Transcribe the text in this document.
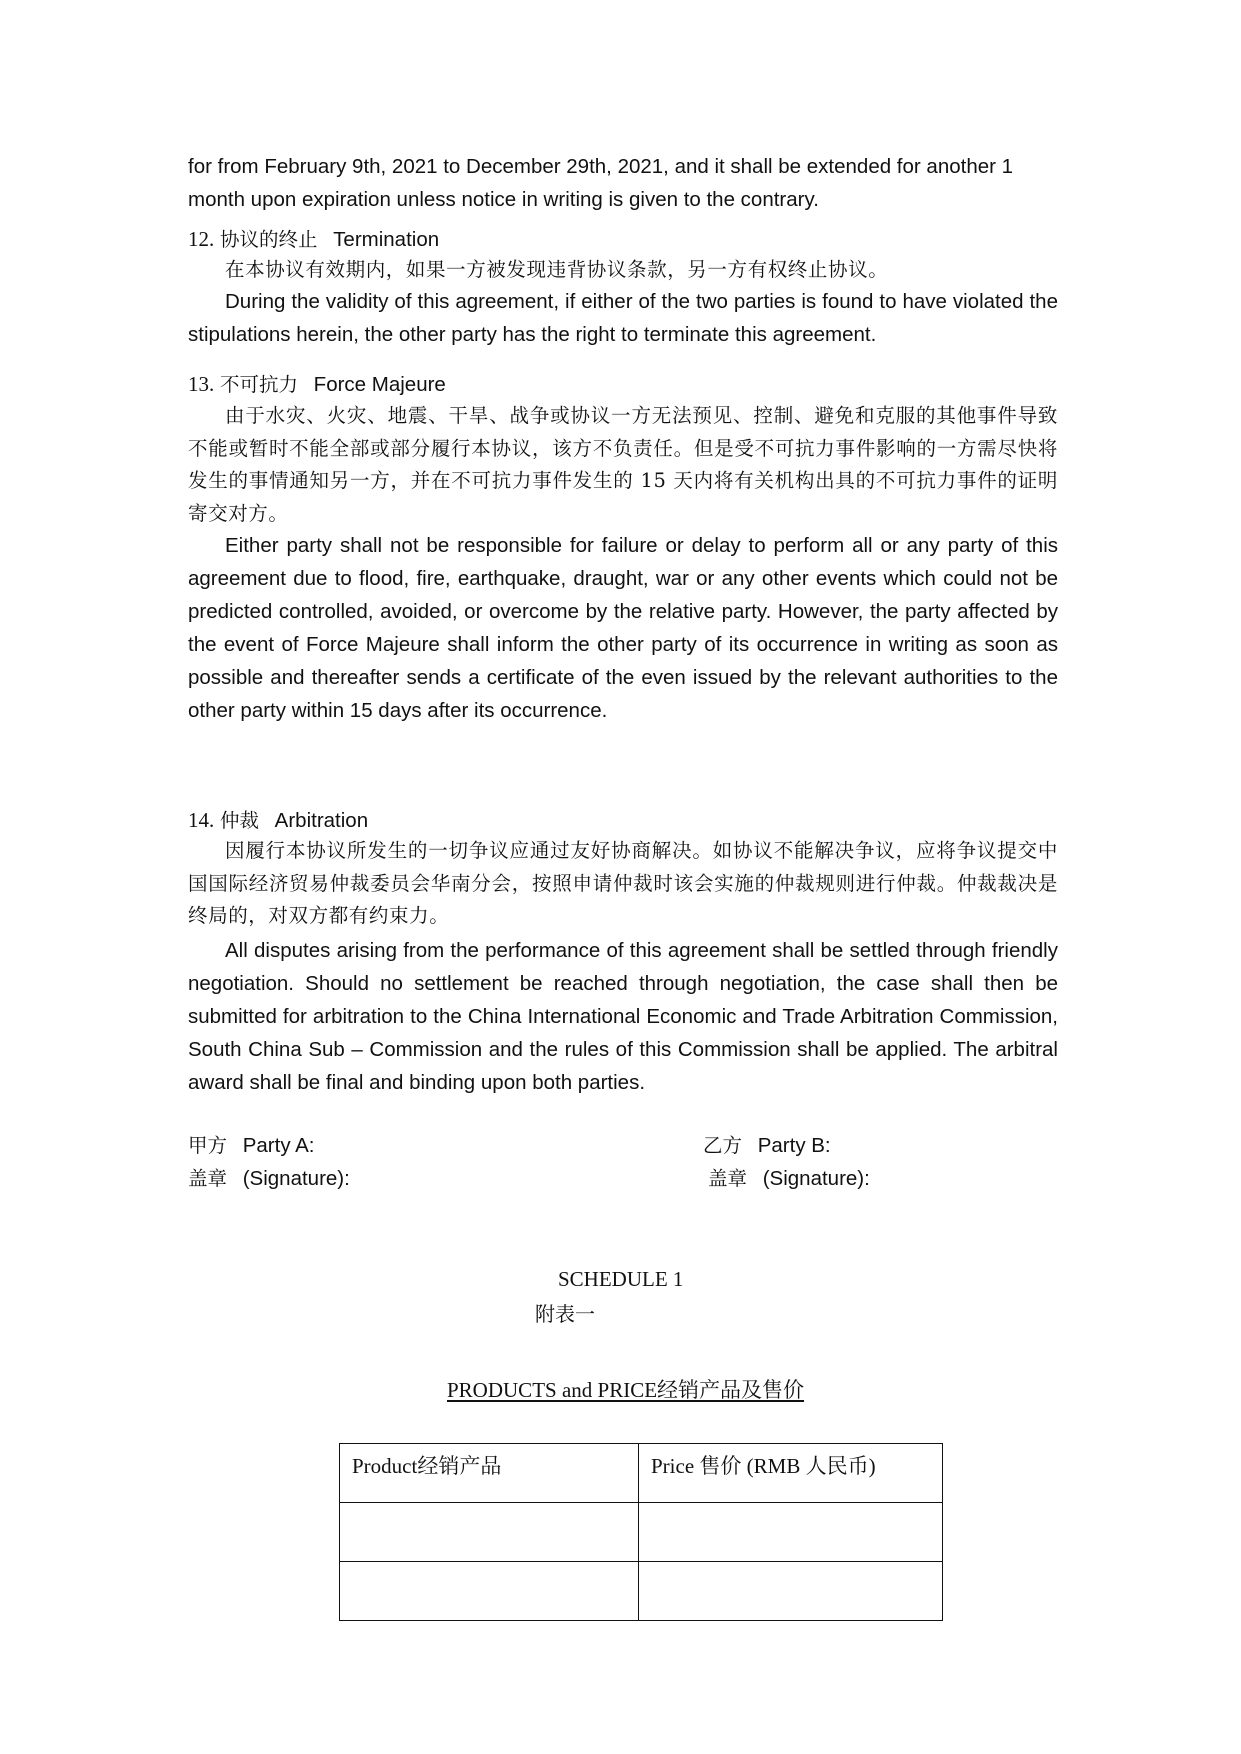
for from February 9th, 2021 to December 29th, 2021, and it shall be extended for another 1 month upon expiration unless notice in writing is given to the contrary.

12. 协议的终止 Termination

在本协议有效期内，如果一方被发现违背协议条款，另一方有权终止协议。

During the validity of this agreement, if either of the two parties is found to have violated the stipulations herein, the other party has the right to terminate this agreement.

13. 不可抗力 Force Majeure

由于水灾、火灾、地震、干旱、战争或协议一方无法预见、控制、避免和克服的其他事件导致不能或暂时不能全部或部分履行本协议，该方不负责任。但是受不可抗力事件影响的一方需尽快将发生的事情通知另一方，并在不可抗力事件发生的 15 天内将有关机构出具的不可抗力事件的证明寄交对方。

Either party shall not be responsible for failure or delay to perform all or any party of this agreement due to flood, fire, earthquake, draught, war or any other events which could not be predicted controlled, avoided, or overcome by the relative party. However, the party affected by the event of Force Majeure shall inform the other party of its occurrence in writing as soon as possible and thereafter sends a certificate of the even issued by the relevant authorities to the other party within 15 days after its occurrence.

14. 仲裁 Arbitration

因履行本协议所发生的一切争议应通过友好协商解决。如协议不能解决争议，应将争议提交中国国际经济贸易仲裁委员会华南分会，按照申请仲裁时该会实施的仲裁规则进行仲裁。仲裁裁决是终局的，对双方都有约束力。

All disputes arising from the performance of this agreement shall be settled through friendly negotiation. Should no settlement be reached through negotiation, the case shall then be submitted for arbitration to the China International Economic and Trade Arbitration Commission, South China Sub – Commission and the rules of this Commission shall be applied. The arbitral award shall be final and binding upon both parties.

甲方 Party A:
盖章 (Signature):
乙方 Party B:
盖章 (Signature):
SCHEDULE 1
附表一
PRODUCTS and PRICE经销产品及售价
Product经销产品	Price 售价 (RMB 人民币)
